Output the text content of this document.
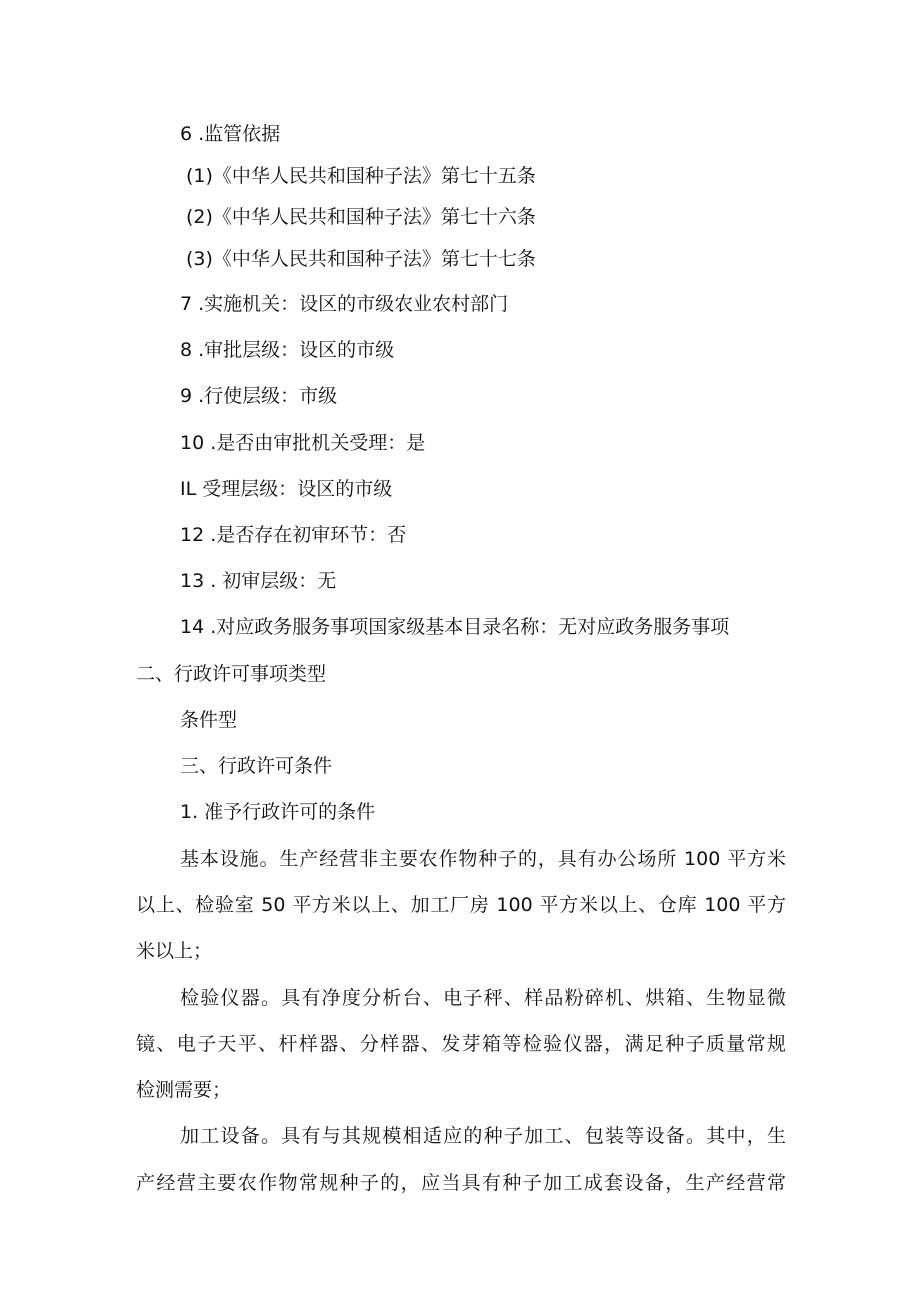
6 .监管依据
(1)《中华人民共和国种子法》第七十五条
(2)《中华人民共和国种子法》第七十六条
(3)《中华人民共和国种子法》第七十七条
7 .实施机关：设区的市级农业农村部门
8 .审批层级：设区的市级
9 .行使层级：市级
10 .是否由审批机关受理：是
IL 受理层级：设区的市级
12 .是否存在初审环节：否
13 . 初审层级：无
14 .对应政务服务事项国家级基本目录名称：无对应政务服务事项
二、行政许可事项类型
条件型
三、行政许可条件
1. 准予行政许可的条件
基本设施。生产经营非主要农作物种子的，具有办公场所 100 平方米
以上、检验室 50 平方米以上、加工厂房 100 平方米以上、仓库 100 平方
米以上；
检验仪器。具有净度分析台、电子秤、样品粉碎机、烘箱、生物显微
镜、电子天平、杆样器、分样器、发芽箱等检验仪器，满足种子质量常规
检测需要；
加工设备。具有与其规模相适应的种子加工、包装等设备。其中，生
产经营主要农作物常规种子的，应当具有种子加工成套设备，生产经营常
